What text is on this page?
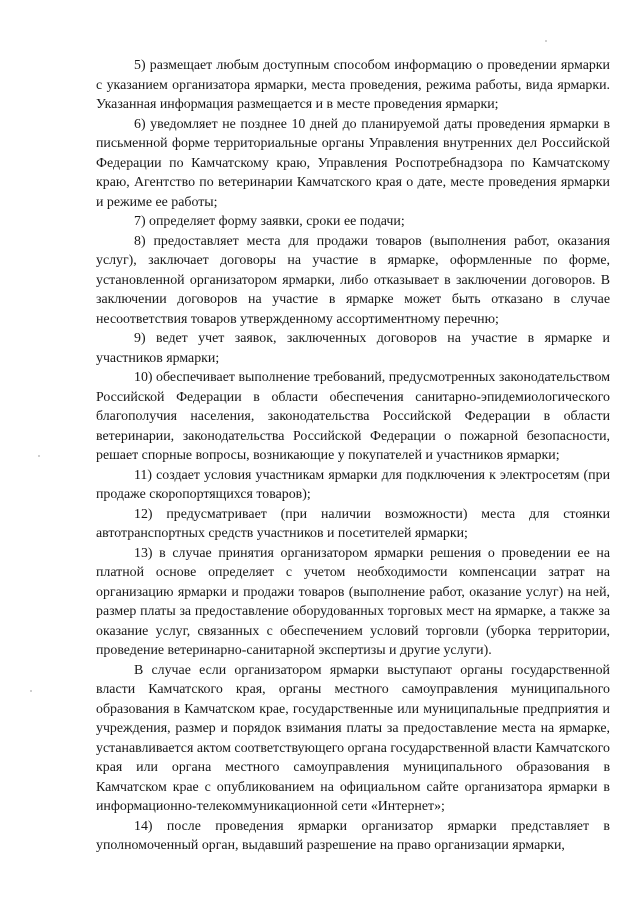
5) размещает любым доступным способом информацию о проведении ярмарки с указанием организатора ярмарки, места проведения, режима работы, вида ярмарки. Указанная информация размещается и в месте проведения ярмарки;

6) уведомляет не позднее 10 дней до планируемой даты проведения ярмарки в письменной форме территориальные органы Управления внутренних дел Российской Федерации по Камчатскому краю, Управления Роспотребнадзора по Камчатскому краю, Агентство по ветеринарии Камчатского края о дате, месте проведения ярмарки и режиме ее работы;

7) определяет форму заявки, сроки ее подачи;

8) предоставляет места для продажи товаров (выполнения работ, оказания услуг), заключает договоры на участие в ярмарке, оформленные по форме, установленной организатором ярмарки, либо отказывает в заключении договоров. В заключении договоров на участие в ярмарке может быть отказано в случае несоответствия товаров утвержденному ассортиментному перечню;

9) ведет учет заявок, заключенных договоров на участие в ярмарке и участников ярмарки;

10) обеспечивает выполнение требований, предусмотренных законодательством Российской Федерации в области обеспечения санитарно-эпидемиологического благополучия населения, законодательства Российской Федерации в области ветеринарии, законодательства Российской Федерации о пожарной безопасности, решает спорные вопросы, возникающие у покупателей и участников ярмарки;

11) создает условия участникам ярмарки для подключения к электросетям (при продаже скоропортящихся товаров);

12) предусматривает (при наличии возможности) места для стоянки автотранспортных средств участников и посетителей ярмарки;

13) в случае принятия организатором ярмарки решения о проведении ее на платной основе определяет с учетом необходимости компенсации затрат на организацию ярмарки и продажи товаров (выполнение работ, оказание услуг) на ней, размер платы за предоставление оборудованных торговых мест на ярмарке, а также за оказание услуг, связанных с обеспечением условий торговли (уборка территории, проведение ветеринарно-санитарной экспертизы и другие услуги).

В случае если организатором ярмарки выступают органы государственной власти Камчатского края, органы местного самоуправления муниципального образования в Камчатском крае, государственные или муниципальные предприятия и учреждения, размер и порядок взимания платы за предоставление места на ярмарке, устанавливается актом соответствующего органа государственной власти Камчатского края или органа местного самоуправления муниципального образования в Камчатском крае с опубликованием на официальном сайте организатора ярмарки в информационно-телекоммуникационной сети «Интернет»;

14) после проведения ярмарки организатор ярмарки представляет в уполномоченный орган, выдавший разрешение на право организации ярмарки,
